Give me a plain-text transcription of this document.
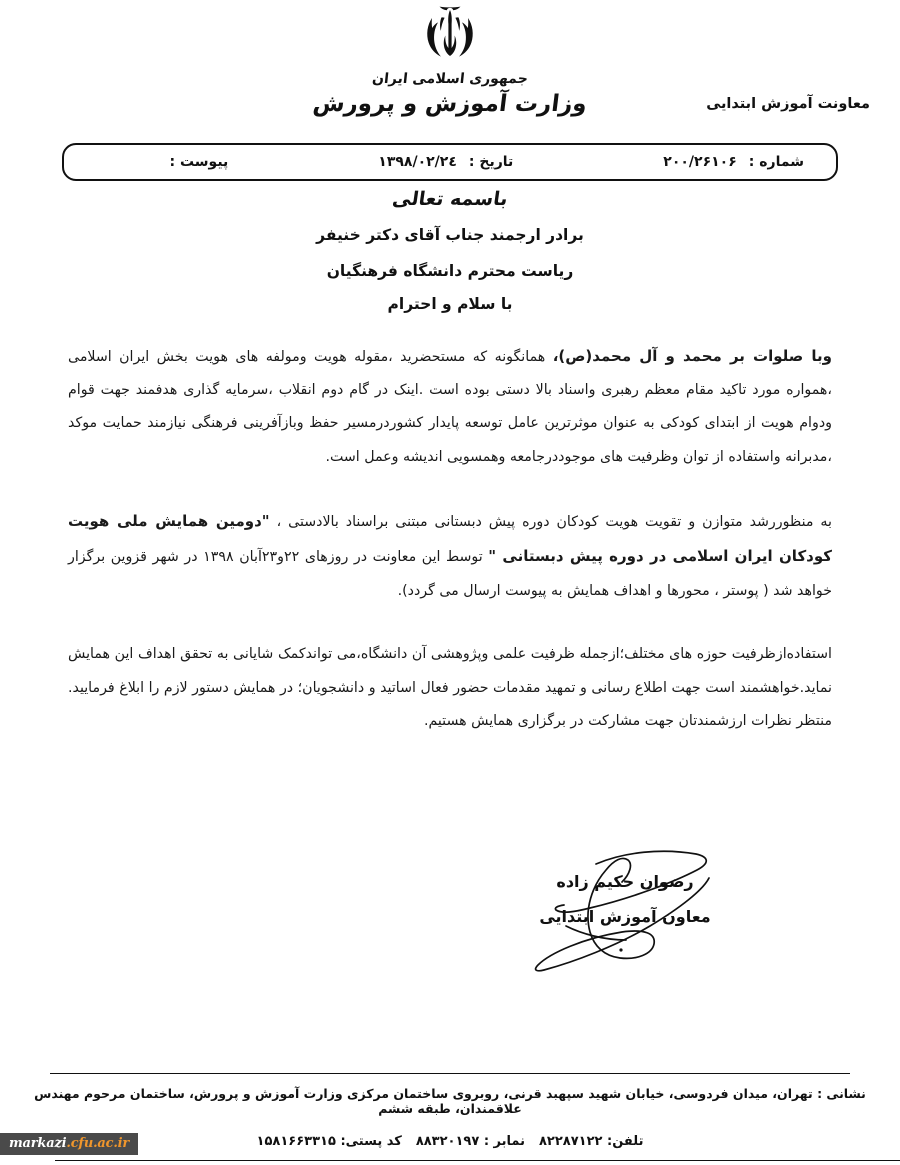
جمهوری اسلامی ایران
وزارت آموزش و پرورش	معاونت آموزش ابتدایی
شماره :
۲۰۰/۲۶۱۰۶
تاریخ :
۱۳۹۸/۰۲/۲٤
پیوست :
باسمه تعالی
برادر ارجمند جناب آقای دکتر خنیفر
ریاست محترم دانشگاه فرهنگیان
با سلام و احترام

وبا صلوات بر محمد و آل محمد(ص)، همانگونه که مستحضرید ،مقوله هویت ومولفه های هویت بخش ایران اسلامی ،همواره مورد تاکید مقام معظم رهبری واسناد بالا دستی بوده است .اینک در گام دوم انقلاب ،سرمایه گذاری هدفمند جهت قوام ودوام هویت از ابتدای کودکی به عنوان موثرترین عامل توسعه پایدار کشوردرمسیر حفظ وبازآفرینی فرهنگی نیازمند حمایت موکد ،مدبرانه واستفاده از توان وظرفیت های موجوددرجامعه وهمسویی اندیشه وعمل است.

به منظوررشد متوازن و تقویت هویت کودکان دوره پیش دبستانی مبتنی براسناد بالادستی ، "دومین همایش ملی هویت کودکان ایران اسلامی در دوره پیش دبستانی " توسط این معاونت در روزهای ۲۲و۲۳آبان ۱۳۹۸ در شهر قزوین برگزار خواهد شد ( پوستر ، محورها و اهداف همایش به پیوست ارسال می گردد).

استفاده‌ازظرفیت حوزه های مختلف؛ازجمله ظرفیت علمی وپژوهشی آن دانشگاه،می تواندکمک شایانی به تحقق اهداف این همایش نماید.خواهشمند است جهت اطلاع رسانی و تمهید مقدمات حضور فعال اساتید و دانشجویان؛ در همایش دستور لازم را ابلاغ فرمایید. منتظر نظرات ارزشمندتان جهت مشارکت در برگزاری همایش هستیم.

رضوان حکیم زاده
معاون آموزش ابتدایی
نشانی : تهران، میدان فردوسی، خیابان شهید سپهبد قرنی، روبروی ساختمان مرکزی وزارت آموزش و پرورش، ساختمان مرحوم مهندس علاقمندان، طبقه ششم
تلفن: ۸۲۲۸۷۱۲۲
نمابر : ۸۸۳۲۰۱۹۷
کد پستی: ۱۵۸۱۶۶۳۳۱۵
markazi.cfu.ac.ir
